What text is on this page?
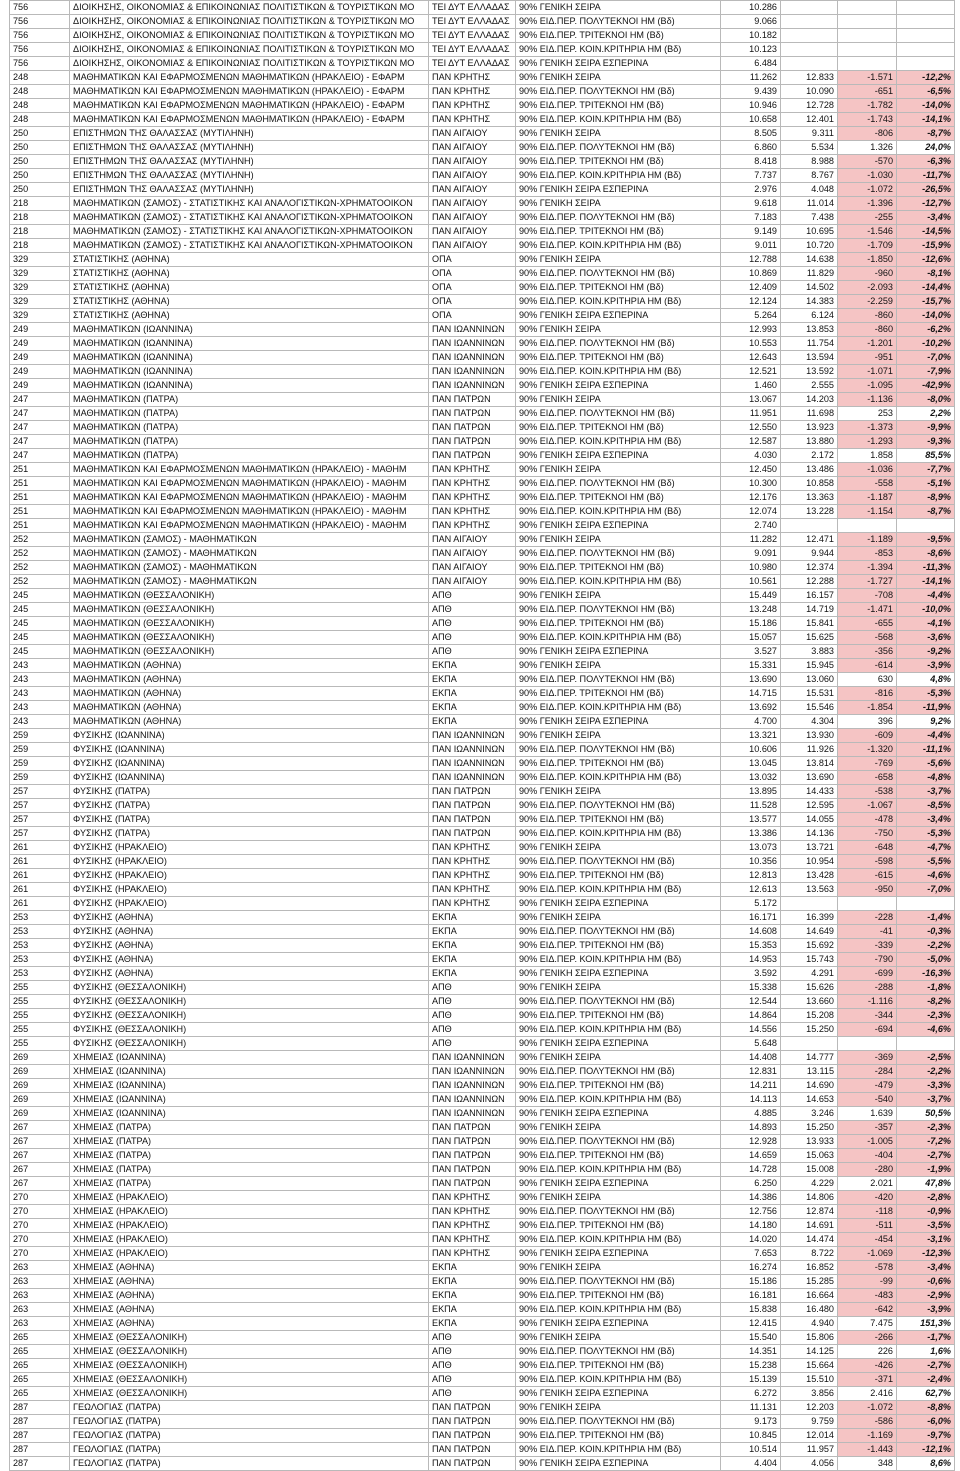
756	ΔΙΟΙΚΗΣΗΣ, ΟΙΚΟΝΟΜΙΑΣ & ΕΠΙΚΟΙΝΩΝΙΑΣ ΠΟΛΙΤΙΣΤΙΚΩΝ & ΤΟΥΡΙΣΤΙΚΩΝ ΜΟ	ΤΕΙ ΔΥΤ ΕΛΛΑΔΑΣ	90% ΓΕΝΙΚΗ ΣΕΙΡΑ	10.286			
756	ΔΙΟΙΚΗΣΗΣ, ΟΙΚΟΝΟΜΙΑΣ & ΕΠΙΚΟΙΝΩΝΙΑΣ ΠΟΛΙΤΙΣΤΙΚΩΝ & ΤΟΥΡΙΣΤΙΚΩΝ ΜΟ	ΤΕΙ ΔΥΤ ΕΛΛΑΔΑΣ	90% ΕΙΔ.ΠΕΡ. ΠΟΛΥΤΕΚΝΟΙ ΗΜ (Βδ)	9.066			
756	ΔΙΟΙΚΗΣΗΣ, ΟΙΚΟΝΟΜΙΑΣ & ΕΠΙΚΟΙΝΩΝΙΑΣ ΠΟΛΙΤΙΣΤΙΚΩΝ & ΤΟΥΡΙΣΤΙΚΩΝ ΜΟ	ΤΕΙ ΔΥΤ ΕΛΛΑΔΑΣ	90% ΕΙΔ.ΠΕΡ. ΤΡΙΤΕΚΝΟΙ ΗΜ (Βδ)	10.182			
756	ΔΙΟΙΚΗΣΗΣ, ΟΙΚΟΝΟΜΙΑΣ & ΕΠΙΚΟΙΝΩΝΙΑΣ ΠΟΛΙΤΙΣΤΙΚΩΝ & ΤΟΥΡΙΣΤΙΚΩΝ ΜΟ	ΤΕΙ ΔΥΤ ΕΛΛΑΔΑΣ	90% ΕΙΔ.ΠΕΡ. ΚΟΙΝ.ΚΡΙΤΗΡΙΑ ΗΜ (Βδ)	10.123			
756	ΔΙΟΙΚΗΣΗΣ, ΟΙΚΟΝΟΜΙΑΣ & ΕΠΙΚΟΙΝΩΝΙΑΣ ΠΟΛΙΤΙΣΤΙΚΩΝ & ΤΟΥΡΙΣΤΙΚΩΝ ΜΟ	ΤΕΙ ΔΥΤ ΕΛΛΑΔΑΣ	90% ΓΕΝΙΚΗ ΣΕΙΡΑ ΕΣΠΕΡΙΝΑ	6.484			
248	ΜΑΘΗΜΑΤΙΚΩΝ ΚΑΙ ΕΦΑΡΜΟΣΜΕΝΩΝ ΜΑΘΗΜΑΤΙΚΩΝ (ΗΡΑΚΛΕΙΟ) - ΕΦΑΡΜ	ΠΑΝ ΚΡΗΤΗΣ	90% ΓΕΝΙΚΗ ΣΕΙΡΑ	11.262	12.833	-1.571	-12,2%
248	ΜΑΘΗΜΑΤΙΚΩΝ ΚΑΙ ΕΦΑΡΜΟΣΜΕΝΩΝ ΜΑΘΗΜΑΤΙΚΩΝ (ΗΡΑΚΛΕΙΟ) - ΕΦΑΡΜ	ΠΑΝ ΚΡΗΤΗΣ	90% ΕΙΔ.ΠΕΡ. ΠΟΛΥΤΕΚΝΟΙ ΗΜ (Βδ)	9.439	10.090	-651	-6,5%
248	ΜΑΘΗΜΑΤΙΚΩΝ ΚΑΙ ΕΦΑΡΜΟΣΜΕΝΩΝ ΜΑΘΗΜΑΤΙΚΩΝ (ΗΡΑΚΛΕΙΟ) - ΕΦΑΡΜ	ΠΑΝ ΚΡΗΤΗΣ	90% ΕΙΔ.ΠΕΡ. ΤΡΙΤΕΚΝΟΙ ΗΜ (Βδ)	10.946	12.728	-1.782	-14,0%
248	ΜΑΘΗΜΑΤΙΚΩΝ ΚΑΙ ΕΦΑΡΜΟΣΜΕΝΩΝ ΜΑΘΗΜΑΤΙΚΩΝ (ΗΡΑΚΛΕΙΟ) - ΕΦΑΡΜ	ΠΑΝ ΚΡΗΤΗΣ	90% ΕΙΔ.ΠΕΡ. ΚΟΙΝ.ΚΡΙΤΗΡΙΑ ΗΜ (Βδ)	10.658	12.401	-1.743	-14,1%
250	ΕΠΙΣΤΗΜΩΝ ΤΗΣ ΘΑΛΑΣΣΑΣ (ΜΥΤΙΛΗΝΗ)	ΠΑΝ ΑΙΓΑΙΟΥ	90% ΓΕΝΙΚΗ ΣΕΙΡΑ	8.505	9.311	-806	-8,7%
250	ΕΠΙΣΤΗΜΩΝ ΤΗΣ ΘΑΛΑΣΣΑΣ (ΜΥΤΙΛΗΝΗ)	ΠΑΝ ΑΙΓΑΙΟΥ	90% ΕΙΔ.ΠΕΡ. ΠΟΛΥΤΕΚΝΟΙ ΗΜ (Βδ)	6.860	5.534	1.326	24,0%
250	ΕΠΙΣΤΗΜΩΝ ΤΗΣ ΘΑΛΑΣΣΑΣ (ΜΥΤΙΛΗΝΗ)	ΠΑΝ ΑΙΓΑΙΟΥ	90% ΕΙΔ.ΠΕΡ. ΤΡΙΤΕΚΝΟΙ ΗΜ (Βδ)	8.418	8.988	-570	-6,3%
250	ΕΠΙΣΤΗΜΩΝ ΤΗΣ ΘΑΛΑΣΣΑΣ (ΜΥΤΙΛΗΝΗ)	ΠΑΝ ΑΙΓΑΙΟΥ	90% ΕΙΔ.ΠΕΡ. ΚΟΙΝ.ΚΡΙΤΗΡΙΑ ΗΜ (Βδ)	7.737	8.767	-1.030	-11,7%
250	ΕΠΙΣΤΗΜΩΝ ΤΗΣ ΘΑΛΑΣΣΑΣ (ΜΥΤΙΛΗΝΗ)	ΠΑΝ ΑΙΓΑΙΟΥ	90% ΓΕΝΙΚΗ ΣΕΙΡΑ ΕΣΠΕΡΙΝΑ	2.976	4.048	-1.072	-26,5%
218	ΜΑΘΗΜΑΤΙΚΩΝ (ΣΑΜΟΣ) - ΣΤΑΤΙΣΤΙΚΗΣ ΚΑΙ ΑΝΑΛΟΓΙΣΤΙΚΩΝ-ΧΡΗΜΑΤΟΟΙΚΟΝ	ΠΑΝ ΑΙΓΑΙΟΥ	90% ΓΕΝΙΚΗ ΣΕΙΡΑ	9.618	11.014	-1.396	-12,7%
218	ΜΑΘΗΜΑΤΙΚΩΝ (ΣΑΜΟΣ) - ΣΤΑΤΙΣΤΙΚΗΣ ΚΑΙ ΑΝΑΛΟΓΙΣΤΙΚΩΝ-ΧΡΗΜΑΤΟΟΙΚΟΝ	ΠΑΝ ΑΙΓΑΙΟΥ	90% ΕΙΔ.ΠΕΡ. ΠΟΛΥΤΕΚΝΟΙ ΗΜ (Βδ)	7.183	7.438	-255	-3,4%
218	ΜΑΘΗΜΑΤΙΚΩΝ (ΣΑΜΟΣ) - ΣΤΑΤΙΣΤΙΚΗΣ ΚΑΙ ΑΝΑΛΟΓΙΣΤΙΚΩΝ-ΧΡΗΜΑΤΟΟΙΚΟΝ	ΠΑΝ ΑΙΓΑΙΟΥ	90% ΕΙΔ.ΠΕΡ. ΤΡΙΤΕΚΝΟΙ ΗΜ (Βδ)	9.149	10.695	-1.546	-14,5%
218	ΜΑΘΗΜΑΤΙΚΩΝ (ΣΑΜΟΣ) - ΣΤΑΤΙΣΤΙΚΗΣ ΚΑΙ ΑΝΑΛΟΓΙΣΤΙΚΩΝ-ΧΡΗΜΑΤΟΟΙΚΟΝ	ΠΑΝ ΑΙΓΑΙΟΥ	90% ΕΙΔ.ΠΕΡ. ΚΟΙΝ.ΚΡΙΤΗΡΙΑ ΗΜ (Βδ)	9.011	10.720	-1.709	-15,9%
329	ΣΤΑΤΙΣΤΙΚΗΣ (ΑΘΗΝΑ)	ΟΠΑ	90% ΓΕΝΙΚΗ ΣΕΙΡΑ	12.788	14.638	-1.850	-12,6%
329	ΣΤΑΤΙΣΤΙΚΗΣ (ΑΘΗΝΑ)	ΟΠΑ	90% ΕΙΔ.ΠΕΡ. ΠΟΛΥΤΕΚΝΟΙ ΗΜ (Βδ)	10.869	11.829	-960	-8,1%
329	ΣΤΑΤΙΣΤΙΚΗΣ (ΑΘΗΝΑ)	ΟΠΑ	90% ΕΙΔ.ΠΕΡ. ΤΡΙΤΕΚΝΟΙ ΗΜ (Βδ)	12.409	14.502	-2.093	-14,4%
329	ΣΤΑΤΙΣΤΙΚΗΣ (ΑΘΗΝΑ)	ΟΠΑ	90% ΕΙΔ.ΠΕΡ. ΚΟΙΝ.ΚΡΙΤΗΡΙΑ ΗΜ (Βδ)	12.124	14.383	-2.259	-15,7%
329	ΣΤΑΤΙΣΤΙΚΗΣ (ΑΘΗΝΑ)	ΟΠΑ	90% ΓΕΝΙΚΗ ΣΕΙΡΑ ΕΣΠΕΡΙΝΑ	5.264	6.124	-860	-14,0%
249	ΜΑΘΗΜΑΤΙΚΩΝ (ΙΩΑΝΝΙΝΑ)	ΠΑΝ ΙΩΑΝΝΙΝΩΝ	90% ΓΕΝΙΚΗ ΣΕΙΡΑ	12.993	13.853	-860	-6,2%
249	ΜΑΘΗΜΑΤΙΚΩΝ (ΙΩΑΝΝΙΝΑ)	ΠΑΝ ΙΩΑΝΝΙΝΩΝ	90% ΕΙΔ.ΠΕΡ. ΠΟΛΥΤΕΚΝΟΙ ΗΜ (Βδ)	10.553	11.754	-1.201	-10,2%
249	ΜΑΘΗΜΑΤΙΚΩΝ (ΙΩΑΝΝΙΝΑ)	ΠΑΝ ΙΩΑΝΝΙΝΩΝ	90% ΕΙΔ.ΠΕΡ. ΤΡΙΤΕΚΝΟΙ ΗΜ (Βδ)	12.643	13.594	-951	-7,0%
249	ΜΑΘΗΜΑΤΙΚΩΝ (ΙΩΑΝΝΙΝΑ)	ΠΑΝ ΙΩΑΝΝΙΝΩΝ	90% ΕΙΔ.ΠΕΡ. ΚΟΙΝ.ΚΡΙΤΗΡΙΑ ΗΜ (Βδ)	12.521	13.592	-1.071	-7,9%
249	ΜΑΘΗΜΑΤΙΚΩΝ (ΙΩΑΝΝΙΝΑ)	ΠΑΝ ΙΩΑΝΝΙΝΩΝ	90% ΓΕΝΙΚΗ ΣΕΙΡΑ ΕΣΠΕΡΙΝΑ	1.460	2.555	-1.095	-42,9%
247	ΜΑΘΗΜΑΤΙΚΩΝ (ΠΑΤΡΑ)	ΠΑΝ ΠΑΤΡΩΝ	90% ΓΕΝΙΚΗ ΣΕΙΡΑ	13.067	14.203	-1.136	-8,0%
247	ΜΑΘΗΜΑΤΙΚΩΝ (ΠΑΤΡΑ)	ΠΑΝ ΠΑΤΡΩΝ	90% ΕΙΔ.ΠΕΡ. ΠΟΛΥΤΕΚΝΟΙ ΗΜ (Βδ)	11.951	11.698	253	2,2%
247	ΜΑΘΗΜΑΤΙΚΩΝ (ΠΑΤΡΑ)	ΠΑΝ ΠΑΤΡΩΝ	90% ΕΙΔ.ΠΕΡ. ΤΡΙΤΕΚΝΟΙ ΗΜ (Βδ)	12.550	13.923	-1.373	-9,9%
247	ΜΑΘΗΜΑΤΙΚΩΝ (ΠΑΤΡΑ)	ΠΑΝ ΠΑΤΡΩΝ	90% ΕΙΔ.ΠΕΡ. ΚΟΙΝ.ΚΡΙΤΗΡΙΑ ΗΜ (Βδ)	12.587	13.880	-1.293	-9,3%
247	ΜΑΘΗΜΑΤΙΚΩΝ (ΠΑΤΡΑ)	ΠΑΝ ΠΑΤΡΩΝ	90% ΓΕΝΙΚΗ ΣΕΙΡΑ ΕΣΠΕΡΙΝΑ	4.030	2.172	1.858	85,5%
251	ΜΑΘΗΜΑΤΙΚΩΝ ΚΑΙ ΕΦΑΡΜΟΣΜΕΝΩΝ ΜΑΘΗΜΑΤΙΚΩΝ (ΗΡΑΚΛΕΙΟ) - ΜΑΘΗΜ	ΠΑΝ ΚΡΗΤΗΣ	90% ΓΕΝΙΚΗ ΣΕΙΡΑ	12.450	13.486	-1.036	-7,7%
251	ΜΑΘΗΜΑΤΙΚΩΝ ΚΑΙ ΕΦΑΡΜΟΣΜΕΝΩΝ ΜΑΘΗΜΑΤΙΚΩΝ (ΗΡΑΚΛΕΙΟ) - ΜΑΘΗΜ	ΠΑΝ ΚΡΗΤΗΣ	90% ΕΙΔ.ΠΕΡ. ΠΟΛΥΤΕΚΝΟΙ ΗΜ (Βδ)	10.300	10.858	-558	-5,1%
251	ΜΑΘΗΜΑΤΙΚΩΝ ΚΑΙ ΕΦΑΡΜΟΣΜΕΝΩΝ ΜΑΘΗΜΑΤΙΚΩΝ (ΗΡΑΚΛΕΙΟ) - ΜΑΘΗΜ	ΠΑΝ ΚΡΗΤΗΣ	90% ΕΙΔ.ΠΕΡ. ΤΡΙΤΕΚΝΟΙ ΗΜ (Βδ)	12.176	13.363	-1.187	-8,9%
251	ΜΑΘΗΜΑΤΙΚΩΝ ΚΑΙ ΕΦΑΡΜΟΣΜΕΝΩΝ ΜΑΘΗΜΑΤΙΚΩΝ (ΗΡΑΚΛΕΙΟ) - ΜΑΘΗΜ	ΠΑΝ ΚΡΗΤΗΣ	90% ΕΙΔ.ΠΕΡ. ΚΟΙΝ.ΚΡΙΤΗΡΙΑ ΗΜ (Βδ)	12.074	13.228	-1.154	-8,7%
251	ΜΑΘΗΜΑΤΙΚΩΝ ΚΑΙ ΕΦΑΡΜΟΣΜΕΝΩΝ ΜΑΘΗΜΑΤΙΚΩΝ (ΗΡΑΚΛΕΙΟ) - ΜΑΘΗΜ	ΠΑΝ ΚΡΗΤΗΣ	90% ΓΕΝΙΚΗ ΣΕΙΡΑ ΕΣΠΕΡΙΝΑ	2.740			
252	ΜΑΘΗΜΑΤΙΚΩΝ (ΣΑΜΟΣ) - ΜΑΘΗΜΑΤΙΚΩΝ	ΠΑΝ ΑΙΓΑΙΟΥ	90% ΓΕΝΙΚΗ ΣΕΙΡΑ	11.282	12.471	-1.189	-9,5%
252	ΜΑΘΗΜΑΤΙΚΩΝ (ΣΑΜΟΣ) - ΜΑΘΗΜΑΤΙΚΩΝ	ΠΑΝ ΑΙΓΑΙΟΥ	90% ΕΙΔ.ΠΕΡ. ΠΟΛΥΤΕΚΝΟΙ ΗΜ (Βδ)	9.091	9.944	-853	-8,6%
252	ΜΑΘΗΜΑΤΙΚΩΝ (ΣΑΜΟΣ) - ΜΑΘΗΜΑΤΙΚΩΝ	ΠΑΝ ΑΙΓΑΙΟΥ	90% ΕΙΔ.ΠΕΡ. ΤΡΙΤΕΚΝΟΙ ΗΜ (Βδ)	10.980	12.374	-1.394	-11,3%
252	ΜΑΘΗΜΑΤΙΚΩΝ (ΣΑΜΟΣ) - ΜΑΘΗΜΑΤΙΚΩΝ	ΠΑΝ ΑΙΓΑΙΟΥ	90% ΕΙΔ.ΠΕΡ. ΚΟΙΝ.ΚΡΙΤΗΡΙΑ ΗΜ (Βδ)	10.561	12.288	-1.727	-14,1%
245	ΜΑΘΗΜΑΤΙΚΩΝ (ΘΕΣΣΑΛΟΝΙΚΗ)	ΑΠΘ	90% ΓΕΝΙΚΗ ΣΕΙΡΑ	15.449	16.157	-708	-4,4%
245	ΜΑΘΗΜΑΤΙΚΩΝ (ΘΕΣΣΑΛΟΝΙΚΗ)	ΑΠΘ	90% ΕΙΔ.ΠΕΡ. ΠΟΛΥΤΕΚΝΟΙ ΗΜ (Βδ)	13.248	14.719	-1.471	-10,0%
245	ΜΑΘΗΜΑΤΙΚΩΝ (ΘΕΣΣΑΛΟΝΙΚΗ)	ΑΠΘ	90% ΕΙΔ.ΠΕΡ. ΤΡΙΤΕΚΝΟΙ ΗΜ (Βδ)	15.186	15.841	-655	-4,1%
245	ΜΑΘΗΜΑΤΙΚΩΝ (ΘΕΣΣΑΛΟΝΙΚΗ)	ΑΠΘ	90% ΕΙΔ.ΠΕΡ. ΚΟΙΝ.ΚΡΙΤΗΡΙΑ ΗΜ (Βδ)	15.057	15.625	-568	-3,6%
245	ΜΑΘΗΜΑΤΙΚΩΝ (ΘΕΣΣΑΛΟΝΙΚΗ)	ΑΠΘ	90% ΓΕΝΙΚΗ ΣΕΙΡΑ ΕΣΠΕΡΙΝΑ	3.527	3.883	-356	-9,2%
243	ΜΑΘΗΜΑΤΙΚΩΝ (ΑΘΗΝΑ)	ΕΚΠΑ	90% ΓΕΝΙΚΗ ΣΕΙΡΑ	15.331	15.945	-614	-3,9%
243	ΜΑΘΗΜΑΤΙΚΩΝ (ΑΘΗΝΑ)	ΕΚΠΑ	90% ΕΙΔ.ΠΕΡ. ΠΟΛΥΤΕΚΝΟΙ ΗΜ (Βδ)	13.690	13.060	630	4,8%
243	ΜΑΘΗΜΑΤΙΚΩΝ (ΑΘΗΝΑ)	ΕΚΠΑ	90% ΕΙΔ.ΠΕΡ. ΤΡΙΤΕΚΝΟΙ ΗΜ (Βδ)	14.715	15.531	-816	-5,3%
243	ΜΑΘΗΜΑΤΙΚΩΝ (ΑΘΗΝΑ)	ΕΚΠΑ	90% ΕΙΔ.ΠΕΡ. ΚΟΙΝ.ΚΡΙΤΗΡΙΑ ΗΜ (Βδ)	13.692	15.546	-1.854	-11,9%
243	ΜΑΘΗΜΑΤΙΚΩΝ (ΑΘΗΝΑ)	ΕΚΠΑ	90% ΓΕΝΙΚΗ ΣΕΙΡΑ ΕΣΠΕΡΙΝΑ	4.700	4.304	396	9,2%
259	ΦΥΣΙΚΗΣ (ΙΩΑΝΝΙΝΑ)	ΠΑΝ ΙΩΑΝΝΙΝΩΝ	90% ΓΕΝΙΚΗ ΣΕΙΡΑ	13.321	13.930	-609	-4,4%
259	ΦΥΣΙΚΗΣ (ΙΩΑΝΝΙΝΑ)	ΠΑΝ ΙΩΑΝΝΙΝΩΝ	90% ΕΙΔ.ΠΕΡ. ΠΟΛΥΤΕΚΝΟΙ ΗΜ (Βδ)	10.606	11.926	-1.320	-11,1%
259	ΦΥΣΙΚΗΣ (ΙΩΑΝΝΙΝΑ)	ΠΑΝ ΙΩΑΝΝΙΝΩΝ	90% ΕΙΔ.ΠΕΡ. ΤΡΙΤΕΚΝΟΙ ΗΜ (Βδ)	13.045	13.814	-769	-5,6%
259	ΦΥΣΙΚΗΣ (ΙΩΑΝΝΙΝΑ)	ΠΑΝ ΙΩΑΝΝΙΝΩΝ	90% ΕΙΔ.ΠΕΡ. ΚΟΙΝ.ΚΡΙΤΗΡΙΑ ΗΜ (Βδ)	13.032	13.690	-658	-4,8%
257	ΦΥΣΙΚΗΣ (ΠΑΤΡΑ)	ΠΑΝ ΠΑΤΡΩΝ	90% ΓΕΝΙΚΗ ΣΕΙΡΑ	13.895	14.433	-538	-3,7%
257	ΦΥΣΙΚΗΣ (ΠΑΤΡΑ)	ΠΑΝ ΠΑΤΡΩΝ	90% ΕΙΔ.ΠΕΡ. ΠΟΛΥΤΕΚΝΟΙ ΗΜ (Βδ)	11.528	12.595	-1.067	-8,5%
257	ΦΥΣΙΚΗΣ (ΠΑΤΡΑ)	ΠΑΝ ΠΑΤΡΩΝ	90% ΕΙΔ.ΠΕΡ. ΤΡΙΤΕΚΝΟΙ ΗΜ (Βδ)	13.577	14.055	-478	-3,4%
257	ΦΥΣΙΚΗΣ (ΠΑΤΡΑ)	ΠΑΝ ΠΑΤΡΩΝ	90% ΕΙΔ.ΠΕΡ. ΚΟΙΝ.ΚΡΙΤΗΡΙΑ ΗΜ (Βδ)	13.386	14.136	-750	-5,3%
261	ΦΥΣΙΚΗΣ (ΗΡΑΚΛΕΙΟ)	ΠΑΝ ΚΡΗΤΗΣ	90% ΓΕΝΙΚΗ ΣΕΙΡΑ	13.073	13.721	-648	-4,7%
261	ΦΥΣΙΚΗΣ (ΗΡΑΚΛΕΙΟ)	ΠΑΝ ΚΡΗΤΗΣ	90% ΕΙΔ.ΠΕΡ. ΠΟΛΥΤΕΚΝΟΙ ΗΜ (Βδ)	10.356	10.954	-598	-5,5%
261	ΦΥΣΙΚΗΣ (ΗΡΑΚΛΕΙΟ)	ΠΑΝ ΚΡΗΤΗΣ	90% ΕΙΔ.ΠΕΡ. ΤΡΙΤΕΚΝΟΙ ΗΜ (Βδ)	12.813	13.428	-615	-4,6%
261	ΦΥΣΙΚΗΣ (ΗΡΑΚΛΕΙΟ)	ΠΑΝ ΚΡΗΤΗΣ	90% ΕΙΔ.ΠΕΡ. ΚΟΙΝ.ΚΡΙΤΗΡΙΑ ΗΜ (Βδ)	12.613	13.563	-950	-7,0%
261	ΦΥΣΙΚΗΣ (ΗΡΑΚΛΕΙΟ)	ΠΑΝ ΚΡΗΤΗΣ	90% ΓΕΝΙΚΗ ΣΕΙΡΑ ΕΣΠΕΡΙΝΑ	5.172			
253	ΦΥΣΙΚΗΣ (ΑΘΗΝΑ)	ΕΚΠΑ	90% ΓΕΝΙΚΗ ΣΕΙΡΑ	16.171	16.399	-228	-1,4%
253	ΦΥΣΙΚΗΣ (ΑΘΗΝΑ)	ΕΚΠΑ	90% ΕΙΔ.ΠΕΡ. ΠΟΛΥΤΕΚΝΟΙ ΗΜ (Βδ)	14.608	14.649	-41	-0,3%
253	ΦΥΣΙΚΗΣ (ΑΘΗΝΑ)	ΕΚΠΑ	90% ΕΙΔ.ΠΕΡ. ΤΡΙΤΕΚΝΟΙ ΗΜ (Βδ)	15.353	15.692	-339	-2,2%
253	ΦΥΣΙΚΗΣ (ΑΘΗΝΑ)	ΕΚΠΑ	90% ΕΙΔ.ΠΕΡ. ΚΟΙΝ.ΚΡΙΤΗΡΙΑ ΗΜ (Βδ)	14.953	15.743	-790	-5,0%
253	ΦΥΣΙΚΗΣ (ΑΘΗΝΑ)	ΕΚΠΑ	90% ΓΕΝΙΚΗ ΣΕΙΡΑ ΕΣΠΕΡΙΝΑ	3.592	4.291	-699	-16,3%
255	ΦΥΣΙΚΗΣ (ΘΕΣΣΑΛΟΝΙΚΗ)	ΑΠΘ	90% ΓΕΝΙΚΗ ΣΕΙΡΑ	15.338	15.626	-288	-1,8%
255	ΦΥΣΙΚΗΣ (ΘΕΣΣΑΛΟΝΙΚΗ)	ΑΠΘ	90% ΕΙΔ.ΠΕΡ. ΠΟΛΥΤΕΚΝΟΙ ΗΜ (Βδ)	12.544	13.660	-1.116	-8,2%
255	ΦΥΣΙΚΗΣ (ΘΕΣΣΑΛΟΝΙΚΗ)	ΑΠΘ	90% ΕΙΔ.ΠΕΡ. ΤΡΙΤΕΚΝΟΙ ΗΜ (Βδ)	14.864	15.208	-344	-2,3%
255	ΦΥΣΙΚΗΣ (ΘΕΣΣΑΛΟΝΙΚΗ)	ΑΠΘ	90% ΕΙΔ.ΠΕΡ. ΚΟΙΝ.ΚΡΙΤΗΡΙΑ ΗΜ (Βδ)	14.556	15.250	-694	-4,6%
255	ΦΥΣΙΚΗΣ (ΘΕΣΣΑΛΟΝΙΚΗ)	ΑΠΘ	90% ΓΕΝΙΚΗ ΣΕΙΡΑ ΕΣΠΕΡΙΝΑ	5.648			
269	ΧΗΜΕΙΑΣ (ΙΩΑΝΝΙΝΑ)	ΠΑΝ ΙΩΑΝΝΙΝΩΝ	90% ΓΕΝΙΚΗ ΣΕΙΡΑ	14.408	14.777	-369	-2,5%
269	ΧΗΜΕΙΑΣ (ΙΩΑΝΝΙΝΑ)	ΠΑΝ ΙΩΑΝΝΙΝΩΝ	90% ΕΙΔ.ΠΕΡ. ΠΟΛΥΤΕΚΝΟΙ ΗΜ (Βδ)	12.831	13.115	-284	-2,2%
269	ΧΗΜΕΙΑΣ (ΙΩΑΝΝΙΝΑ)	ΠΑΝ ΙΩΑΝΝΙΝΩΝ	90% ΕΙΔ.ΠΕΡ. ΤΡΙΤΕΚΝΟΙ ΗΜ (Βδ)	14.211	14.690	-479	-3,3%
269	ΧΗΜΕΙΑΣ (ΙΩΑΝΝΙΝΑ)	ΠΑΝ ΙΩΑΝΝΙΝΩΝ	90% ΕΙΔ.ΠΕΡ. ΚΟΙΝ.ΚΡΙΤΗΡΙΑ ΗΜ (Βδ)	14.113	14.653	-540	-3,7%
269	ΧΗΜΕΙΑΣ (ΙΩΑΝΝΙΝΑ)	ΠΑΝ ΙΩΑΝΝΙΝΩΝ	90% ΓΕΝΙΚΗ ΣΕΙΡΑ ΕΣΠΕΡΙΝΑ	4.885	3.246	1.639	50,5%
267	ΧΗΜΕΙΑΣ (ΠΑΤΡΑ)	ΠΑΝ ΠΑΤΡΩΝ	90% ΓΕΝΙΚΗ ΣΕΙΡΑ	14.893	15.250	-357	-2,3%
267	ΧΗΜΕΙΑΣ (ΠΑΤΡΑ)	ΠΑΝ ΠΑΤΡΩΝ	90% ΕΙΔ.ΠΕΡ. ΠΟΛΥΤΕΚΝΟΙ ΗΜ (Βδ)	12.928	13.933	-1.005	-7,2%
267	ΧΗΜΕΙΑΣ (ΠΑΤΡΑ)	ΠΑΝ ΠΑΤΡΩΝ	90% ΕΙΔ.ΠΕΡ. ΤΡΙΤΕΚΝΟΙ ΗΜ (Βδ)	14.659	15.063	-404	-2,7%
267	ΧΗΜΕΙΑΣ (ΠΑΤΡΑ)	ΠΑΝ ΠΑΤΡΩΝ	90% ΕΙΔ.ΠΕΡ. ΚΟΙΝ.ΚΡΙΤΗΡΙΑ ΗΜ (Βδ)	14.728	15.008	-280	-1,9%
267	ΧΗΜΕΙΑΣ (ΠΑΤΡΑ)	ΠΑΝ ΠΑΤΡΩΝ	90% ΓΕΝΙΚΗ ΣΕΙΡΑ ΕΣΠΕΡΙΝΑ	6.250	4.229	2.021	47,8%
270	ΧΗΜΕΙΑΣ (ΗΡΑΚΛΕΙΟ)	ΠΑΝ ΚΡΗΤΗΣ	90% ΓΕΝΙΚΗ ΣΕΙΡΑ	14.386	14.806	-420	-2,8%
270	ΧΗΜΕΙΑΣ (ΗΡΑΚΛΕΙΟ)	ΠΑΝ ΚΡΗΤΗΣ	90% ΕΙΔ.ΠΕΡ. ΠΟΛΥΤΕΚΝΟΙ ΗΜ (Βδ)	12.756	12.874	-118	-0,9%
270	ΧΗΜΕΙΑΣ (ΗΡΑΚΛΕΙΟ)	ΠΑΝ ΚΡΗΤΗΣ	90% ΕΙΔ.ΠΕΡ. ΤΡΙΤΕΚΝΟΙ ΗΜ (Βδ)	14.180	14.691	-511	-3,5%
270	ΧΗΜΕΙΑΣ (ΗΡΑΚΛΕΙΟ)	ΠΑΝ ΚΡΗΤΗΣ	90% ΕΙΔ.ΠΕΡ. ΚΟΙΝ.ΚΡΙΤΗΡΙΑ ΗΜ (Βδ)	14.020	14.474	-454	-3,1%
270	ΧΗΜΕΙΑΣ (ΗΡΑΚΛΕΙΟ)	ΠΑΝ ΚΡΗΤΗΣ	90% ΓΕΝΙΚΗ ΣΕΙΡΑ ΕΣΠΕΡΙΝΑ	7.653	8.722	-1.069	-12,3%
263	ΧΗΜΕΙΑΣ (ΑΘΗΝΑ)	ΕΚΠΑ	90% ΓΕΝΙΚΗ ΣΕΙΡΑ	16.274	16.852	-578	-3,4%
263	ΧΗΜΕΙΑΣ (ΑΘΗΝΑ)	ΕΚΠΑ	90% ΕΙΔ.ΠΕΡ. ΠΟΛΥΤΕΚΝΟΙ ΗΜ (Βδ)	15.186	15.285	-99	-0,6%
263	ΧΗΜΕΙΑΣ (ΑΘΗΝΑ)	ΕΚΠΑ	90% ΕΙΔ.ΠΕΡ. ΤΡΙΤΕΚΝΟΙ ΗΜ (Βδ)	16.181	16.664	-483	-2,9%
263	ΧΗΜΕΙΑΣ (ΑΘΗΝΑ)	ΕΚΠΑ	90% ΕΙΔ.ΠΕΡ. ΚΟΙΝ.ΚΡΙΤΗΡΙΑ ΗΜ (Βδ)	15.838	16.480	-642	-3,9%
263	ΧΗΜΕΙΑΣ (ΑΘΗΝΑ)	ΕΚΠΑ	90% ΓΕΝΙΚΗ ΣΕΙΡΑ ΕΣΠΕΡΙΝΑ	12.415	4.940	7.475	151,3%
265	ΧΗΜΕΙΑΣ (ΘΕΣΣΑΛΟΝΙΚΗ)	ΑΠΘ	90% ΓΕΝΙΚΗ ΣΕΙΡΑ	15.540	15.806	-266	-1,7%
265	ΧΗΜΕΙΑΣ (ΘΕΣΣΑΛΟΝΙΚΗ)	ΑΠΘ	90% ΕΙΔ.ΠΕΡ. ΠΟΛΥΤΕΚΝΟΙ ΗΜ (Βδ)	14.351	14.125	226	1,6%
265	ΧΗΜΕΙΑΣ (ΘΕΣΣΑΛΟΝΙΚΗ)	ΑΠΘ	90% ΕΙΔ.ΠΕΡ. ΤΡΙΤΕΚΝΟΙ ΗΜ (Βδ)	15.238	15.664	-426	-2,7%
265	ΧΗΜΕΙΑΣ (ΘΕΣΣΑΛΟΝΙΚΗ)	ΑΠΘ	90% ΕΙΔ.ΠΕΡ. ΚΟΙΝ.ΚΡΙΤΗΡΙΑ ΗΜ (Βδ)	15.139	15.510	-371	-2,4%
265	ΧΗΜΕΙΑΣ (ΘΕΣΣΑΛΟΝΙΚΗ)	ΑΠΘ	90% ΓΕΝΙΚΗ ΣΕΙΡΑ ΕΣΠΕΡΙΝΑ	6.272	3.856	2.416	62,7%
287	ΓΕΩΛΟΓΙΑΣ (ΠΑΤΡΑ)	ΠΑΝ ΠΑΤΡΩΝ	90% ΓΕΝΙΚΗ ΣΕΙΡΑ	11.131	12.203	-1.072	-8,8%
287	ΓΕΩΛΟΓΙΑΣ (ΠΑΤΡΑ)	ΠΑΝ ΠΑΤΡΩΝ	90% ΕΙΔ.ΠΕΡ. ΠΟΛΥΤΕΚΝΟΙ ΗΜ (Βδ)	9.173	9.759	-586	-6,0%
287	ΓΕΩΛΟΓΙΑΣ (ΠΑΤΡΑ)	ΠΑΝ ΠΑΤΡΩΝ	90% ΕΙΔ.ΠΕΡ. ΤΡΙΤΕΚΝΟΙ ΗΜ (Βδ)	10.845	12.014	-1.169	-9,7%
287	ΓΕΩΛΟΓΙΑΣ (ΠΑΤΡΑ)	ΠΑΝ ΠΑΤΡΩΝ	90% ΕΙΔ.ΠΕΡ. ΚΟΙΝ.ΚΡΙΤΗΡΙΑ ΗΜ (Βδ)	10.514	11.957	-1.443	-12,1%
287	ΓΕΩΛΟΓΙΑΣ (ΠΑΤΡΑ)	ΠΑΝ ΠΑΤΡΩΝ	90% ΓΕΝΙΚΗ ΣΕΙΡΑ ΕΣΠΕΡΙΝΑ	4.404	4.056	348	8,6%
